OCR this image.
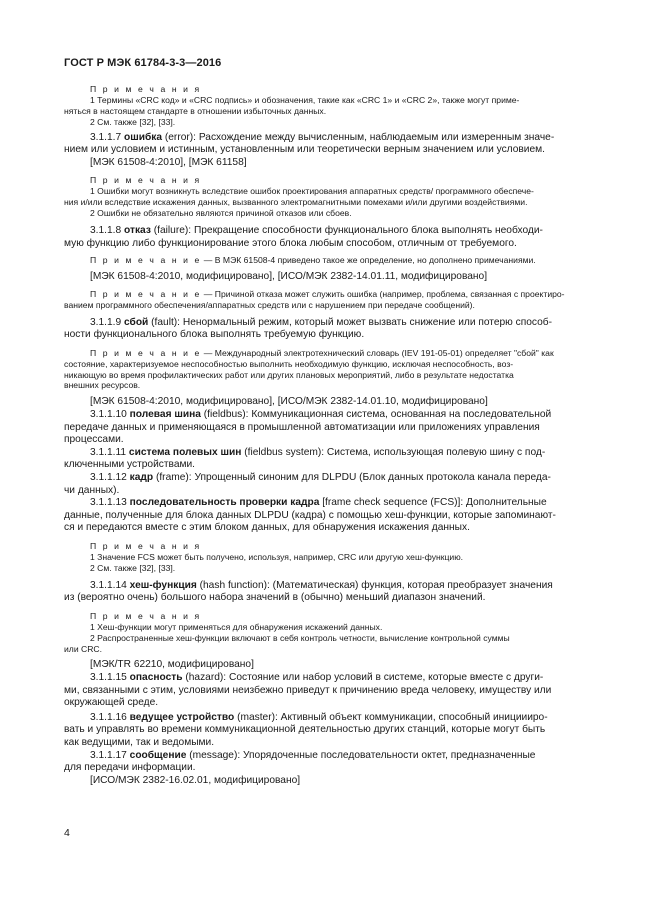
ГОСТ Р МЭК 61784-3-3—2016

П р и м е ч а н и я

1 Термины «CRC код» и «CRC подпись» и обозначения, такие как «CRC 1» и «CRC 2», также могут приме-

няться в настоящем стандарте в отношении избыточных данных.

2 См. также [32], [33].

3.1.1.7 ошибка (error): Расхождение между вычисленным, наблюдаемым или измеренным значе-

нием или условием и истинным, установленным или теоретически верным значением или условием.

[МЭК 61508-4:2010], [МЭК 61158]

П р и м е ч а н и я

1 Ошибки могут возникнуть вследствие ошибок проектирования аппаратных средств/ программного обеспече-

ния и/или вследствие искажения данных, вызванного электромагнитными помехами и/или другими воздействиями.

2 Ошибки не обязательно являются причиной отказов или сбоев.

3.1.1.8 отказ (failure): Прекращение способности функционального блока выполнять необходи-

мую функцию либо функционирование этого блока любым способом, отличным от требуемого.

П р и м е ч а н и е — В МЭК 61508-4 приведено такое же определение, но дополнено примечаниями.

[МЭК 61508-4:2010, модифицировано], [ИСО/МЭК 2382-14.01.11, модифицировано]

П р и м е ч а н и е — Причиной отказа может служить ошибка (например, проблема, связанная с проектиро-

ванием программного обеспечения/аппаратных средств или с нарушением при передаче сообщений).

3.1.1.9 сбой (fault): Ненормальный режим, который может вызвать снижение или потерю способ-

ности функционального блока выполнять требуемую функцию.

П р и м е ч а н и е — Международный электротехнический словарь (IEV 191-05-01) определяет "сбой" как

состояние, характеризуемое неспособностью выполнить необходимую функцию, исключая неспособность, воз-

никающую во время профилактических работ или других плановых мероприятий, либо в результате недостатка

внешних ресурсов.

[МЭК 61508-4:2010, модифицировано], [ИСО/МЭК 2382-14.01.10, модифицировано]

3.1.1.10 полевая шина (fieldbus): Коммуникационная система, основанная на последовательной

передаче данных и применяющаяся в промышленной автоматизации или приложениях управления

процессами.

3.1.1.11 система полевых шин (fieldbus system): Система, использующая полевую шину с под-

ключенными устройствами.

3.1.1.12 кадр (frame): Упрощенный синоним для DLPDU (Блок данных протокола канала переда-

чи данных).

3.1.1.13 последовательность проверки кадра [frame check sequence (FCS)]: Дополнительные

данные, полученные для блока данных DLPDU (кадра) с помощью хеш-функции, которые запоминают-

ся и передаются вместе с этим блоком данных, для обнаружения искажения данных.

П р и м е ч а н и я

1 Значение FCS может быть получено, используя, например, CRC или другую хеш-функцию.

2 См. также [32], [33].

3.1.1.14 хеш-функция (hash function): (Математическая) функция, которая преобразует значения

из (вероятно очень) большого набора значений в (обычно) меньший диапазон значений.

П р и м е ч а н и я

1 Хеш-функции могут применяться для обнаружения искажений данных.

2 Распространенные хеш-функции включают в себя контроль четности, вычисление контрольной суммы

или CRC.

[МЭК/TR 62210, модифицировано]

3.1.1.15 опасность (hazard): Состояние или набор условий в системе, которые вместе с други-

ми, связанными с этим, условиями неизбежно приведут к причинению вреда человеку, имуществу или

окружающей среде.

3.1.1.16 ведущее устройство (master): Активный объект коммуникации, способный инициииро-

вать и управлять во времени коммуникационной деятельностью других станций, которые могут быть

как ведущими, так и ведомыми.

3.1.1.17 сообщение (message): Упорядоченные последовательности октет, предназначенные

для передачи информации.

[ИСО/МЭК 2382-16.02.01, модифицировано]

4
